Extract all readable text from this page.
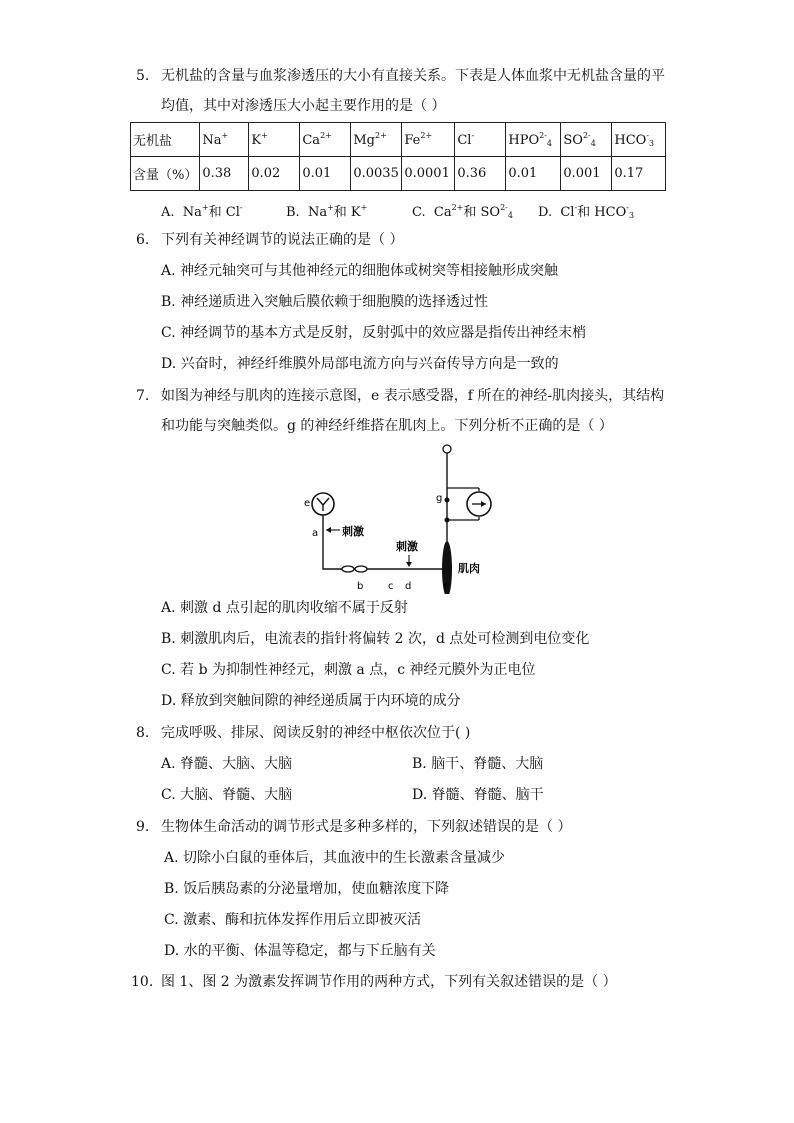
5. 无机盐的含量与血浆渗透压的大小有直接关系。下表是人体血浆中无机盐含量的平
均值，其中对渗透压大小起主要作用的是（ ）
无机盐	Na+	K+	$Ca^{2+}$	$Mg^{2+}$	$Fe^{2+}$	Cl-	$HPO^{2-}_4$	$SO^{2-}_4$	$HCO^-_3$
含量（%）	0.38	0.02	0.01	0.0035	0.0001	0.36	0.01	0.001	0.17
A.  Na+和 Cl-	B.  Na+和 K+	C.  $Ca^{2+}$和 $SO^{2-}_4$ D.  Cl-和 $HCO^-_3$
6. 下列有关神经调节的说法正确的是（ ）
A. 神经元轴突可与其他神经元的细胞体或树突等相接触形成突触
B. 神经递质进入突触后膜依赖于细胞膜的选择透过性
C. 神经调节的基本方式是反射，反射弧中的效应器是指传出神经末梢
D. 兴奋时，神经纤维膜外局部电流方向与兴奋传导方向是一致的
7. 如图为神经与肌肉的连接示意图，e 表示感受器，f 所在的神经-肌肉接头，其结构
和功能与突触类似。g 的神经纤维搭在肌肉上。下列分析不正确的是（ ）
e
a 刺激
b c d
刺激
f
肌肉
g
A. 刺激 d 点引起的肌肉收缩不属于反射
B. 刺激肌肉后，电流表的指针将偏转 2 次，d 点处可检测到电位变化
C. 若 b 为抑制性神经元，刺激 a 点，c 神经元膜外为正电位
D. 释放到突触间隙的神经递质属于内环境的成分
8. 完成呼吸、排尿、阅读反射的神经中枢依次位于( )
A. 脊髓、大脑、大脑	B. 脑干、脊髓、大脑
C. 大脑、脊髓、大脑	D. 脊髓、脊髓、脑干
9. 生物体生命活动的调节形式是多种多样的，下列叙述错误的是（ ）
A. 切除小白鼠的垂体后，其血液中的生长激素含量减少
B. 饭后胰岛素的分泌量增加，使血糖浓度下降
C. 激素、酶和抗体发挥作用后立即被灭活
D. 水的平衡、体温等稳定，都与下丘脑有关
10. 图 1、图 2 为激素发挥调节作用的两种方式，下列有关叙述错误的是（ ）
